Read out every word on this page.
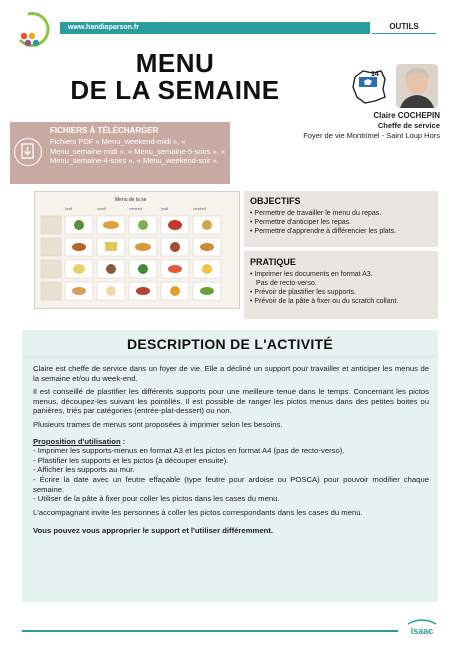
www.handiaparson.fr	OUTILS
MENU
DE LA SEMAINE
14
Claire COCHEPIN
Cheffe de service
Foyer de vie Montrimel - Saint Loup Hors
FICHIERS À TÉLÉCHARGER
Fichiers PDF « Menu_weekend-midi », « Menu_semaine-midi », « Menu_semaine-5-soirs », « Menu_semaine-4-soirs », « Menu_weekend-soir ».
Menu de la se
lundi	mardi	mercredi	jeudi	vendredi
OBJECTIFS
• Permettre de travailler le menu du repas.
• Permettre d'anticiper les repas.
• Permettre d'apprendre à différencier les plats.
PRATIQUE
• Imprimer les documents en format A3.
Pas de recto-verso.
• Prévoir de plastifier les supports.
• Prévoir de la pâte à fixer ou du scratch collant.
DESCRIPTION DE L'ACTIVITÉ

Claire est cheffe de service dans un foyer de vie. Elle a décliné un support pour travailler et anticiper les menus de la semaine et/ou du week-end.

Il est conseillé de plastifier les différents supports pour une meilleure tenue dans le temps. Concernant les pictos menus, découpez-les suivant les pointillés. Il est possible de ranger les pictos menus dans des petites boites ou panières, triés par catégories (entrée-plat-dessert) ou non.

Plusieurs trames de menus sont proposées à imprimer selon les besoins.

Proposition d'utilisation :
- Imprimer les supports-menus en format A3 et les pictos en format A4 (pas de recto-verso).
- Plastifier les supports et les pictos (à découper ensuite).
- Afficher les supports au mur.
- Écrire la date avec un feutre effaçable (type feutre pour ardoise ou POSCA) pour pouvoir modifier chaque semaine.
- Utiliser de la pâte à fixer pour coller les pictos dans les cases du menu.

L'accompagnant invite les personnes à coller les pictos correspondants dans les cases du menu.

Vous pouvez vous approprier le support et l'utiliser différemment.

isaac
